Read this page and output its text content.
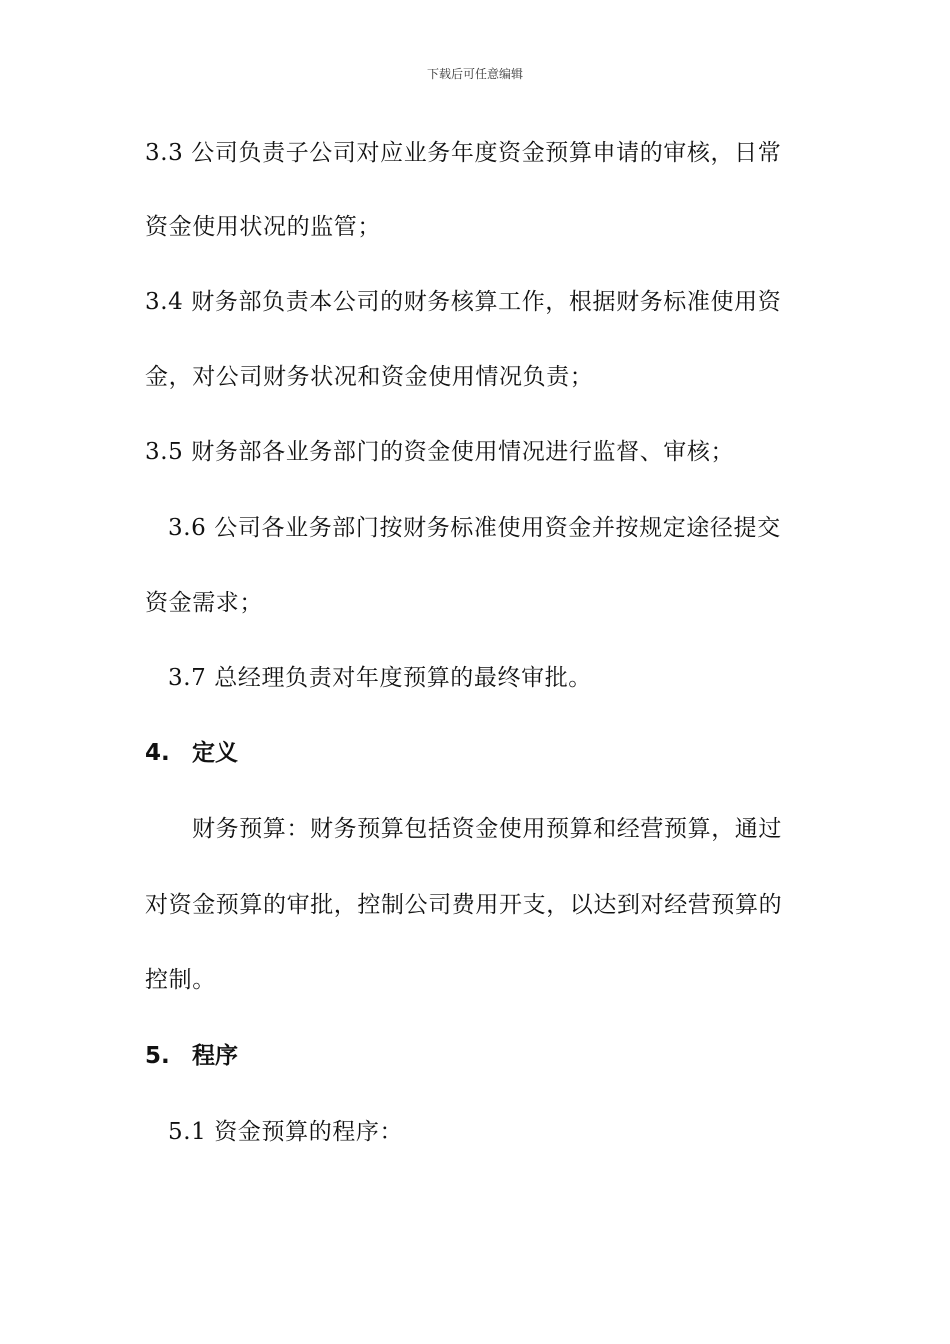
下载后可任意编辑
3.3 公司负责子公司对应业务年度资金预算申请的审核，日常
资金使用状况的监管；
3.4 财务部负责本公司的财务核算工作，根据财务标准使用资
金，对公司财务状况和资金使用情况负责；
3.5 财务部各业务部门的资金使用情况进行监督、审核；
3.6 公司各业务部门按财务标准使用资金并按规定途径提交
资金需求；
3.7 总经理负责对年度预算的最终审批。
4. 定义
财务预算：财务预算包括资金使用预算和经营预算，通过
对资金预算的审批，控制公司费用开支，以达到对经营预算的
控制。
5. 程序
5.1 资金预算的程序：
